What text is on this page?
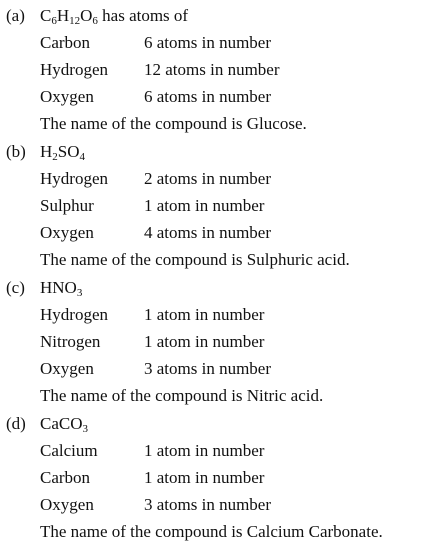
(a) $C_6H_{12}O_6$ has atoms of
Carbon	6 atoms in number
Hydrogen 12 atoms in number
Oxygen	6 atoms in number
The name of the compound is Glucose.
(b) $H_2SO_4$
Hydrogen 2 atoms in number
Sulphur	1 atom in number
Oxygen	4 atoms in number
The name of the compound is Sulphuric acid.
(c) $HNO_3$
Hydrogen 1 atom in number
Nitrogen	1 atom in number
Oxygen	3 atoms in number
The name of the compound is Nitric acid.
(d) CaCO$_3$
Calcium	1 atom in number
Carbon	1 atom in number
Oxygen	3 atoms in number
The name of the compound is Calcium Carbonate.
